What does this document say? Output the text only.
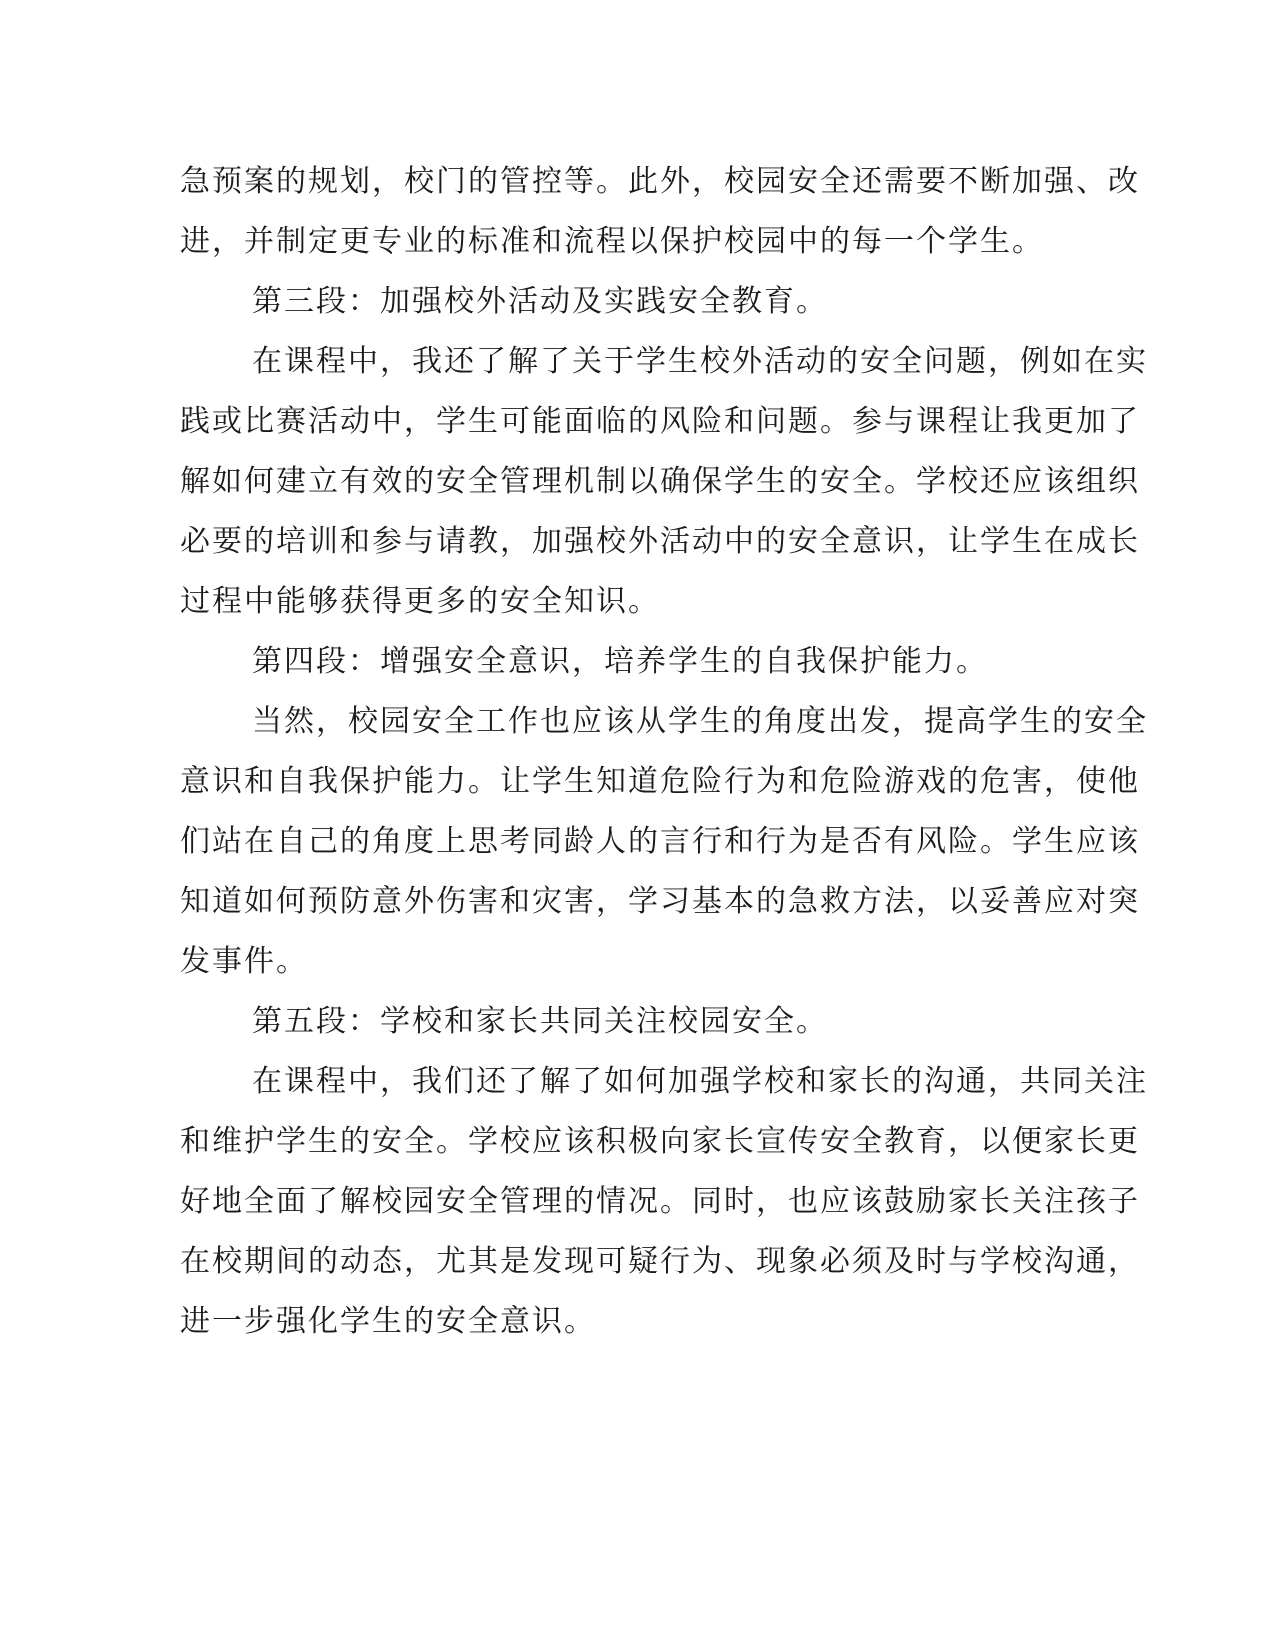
急预案的规划，校门的管控等。此外，校园安全还需要不断加强、改
进，并制定更专业的标准和流程以保护校园中的每一个学生。
第三段：加强校外活动及实践安全教育。
在课程中，我还了解了关于学生校外活动的安全问题，例如在实
践或比赛活动中，学生可能面临的风险和问题。参与课程让我更加了
解如何建立有效的安全管理机制以确保学生的安全。学校还应该组织
必要的培训和参与请教，加强校外活动中的安全意识，让学生在成长
过程中能够获得更多的安全知识。
第四段：增强安全意识，培养学生的自我保护能力。
当然，校园安全工作也应该从学生的角度出发，提高学生的安全
意识和自我保护能力。让学生知道危险行为和危险游戏的危害，使他
们站在自己的角度上思考同龄人的言行和行为是否有风险。学生应该
知道如何预防意外伤害和灾害，学习基本的急救方法，以妥善应对突
发事件。
第五段：学校和家长共同关注校园安全。
在课程中，我们还了解了如何加强学校和家长的沟通，共同关注
和维护学生的安全。学校应该积极向家长宣传安全教育，以便家长更
好地全面了解校园安全管理的情况。同时，也应该鼓励家长关注孩子
在校期间的动态，尤其是发现可疑行为、现象必须及时与学校沟通，
进一步强化学生的安全意识。
